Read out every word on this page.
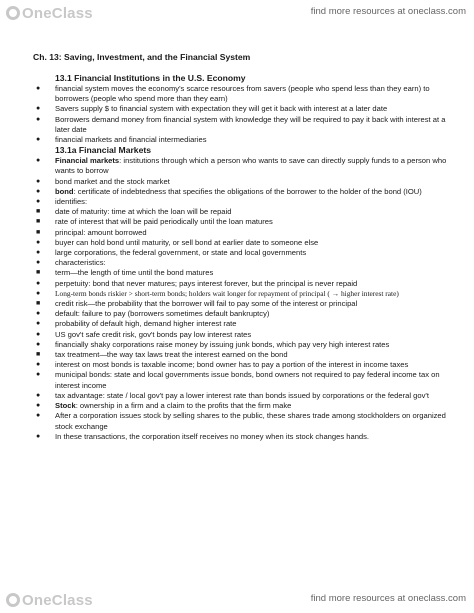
OneClass	find more resources at oneclass.com
Ch. 13: Saving, Investment, and the Financial System
13.1 Financial Institutions in the U.S. Economy
● financial system moves the economy's scarce resources from savers (people who spend less than they earn) to borrowers (people who spend more than they earn)
● Savers supply $ to financial system with expectation they will get it back with interest at a later date
● Borrowers demand money from financial system with knowledge they will be required to pay it back with interest at a later date
● financial markets and financial intermediaries
13.1a Financial Markets
● Financial markets: institutions through which a person who wants to save can directly supply funds to a person who wants to borrow
● bond market and the stock market
● bond: certificate of indebtedness that specifies the obligations of the borrower to the holder of the bond (IOU)
● identifies:
■ date of maturity: time at which the loan will be repaid
■ rate of interest that will be paid periodically until the loan matures
■ principal: amount borrowed
● buyer can hold bond until maturity, or sell bond at earlier date to someone else
● large corporations, the federal government, or state and local governments
● characteristics:
■ term—the length of time until the bond matures
● perpetuity: bond that never matures; pays interest forever, but the principal is never repaid
● Long-term bonds riskier > short-term bonds; holders wait longer for repayment of principal ( → higher interest rate)
■ credit risk—the probability that the borrower will fail to pay some of the interest or principal
● default: failure to pay (borrowers sometimes default bankruptcy)
● probability of default high, demand higher interest rate
● US gov't safe credit risk, gov't bonds pay low interest rates
● financially shaky corporations raise money by issuing junk bonds, which pay very high interest rates
■ tax treatment—the way tax laws treat the interest earned on the bond
● interest on most bonds is taxable income; bond owner has to pay a portion of the interest in income taxes
● municipal bonds: state and local governments issue bonds, bond owners not required to pay federal income tax on interest income
● tax advantage: state / local gov't pay a lower interest rate than bonds issued by corporations or the federal gov't
● Stock: ownership in a firm and a claim to the profits that the firm make
● After a corporation issues stock by selling shares to the public, these shares trade among stockholders on organized stock exchange
● In these transactions, the corporation itself receives no money when its stock changes hands.
OneClass	find more resources at oneclass.com
